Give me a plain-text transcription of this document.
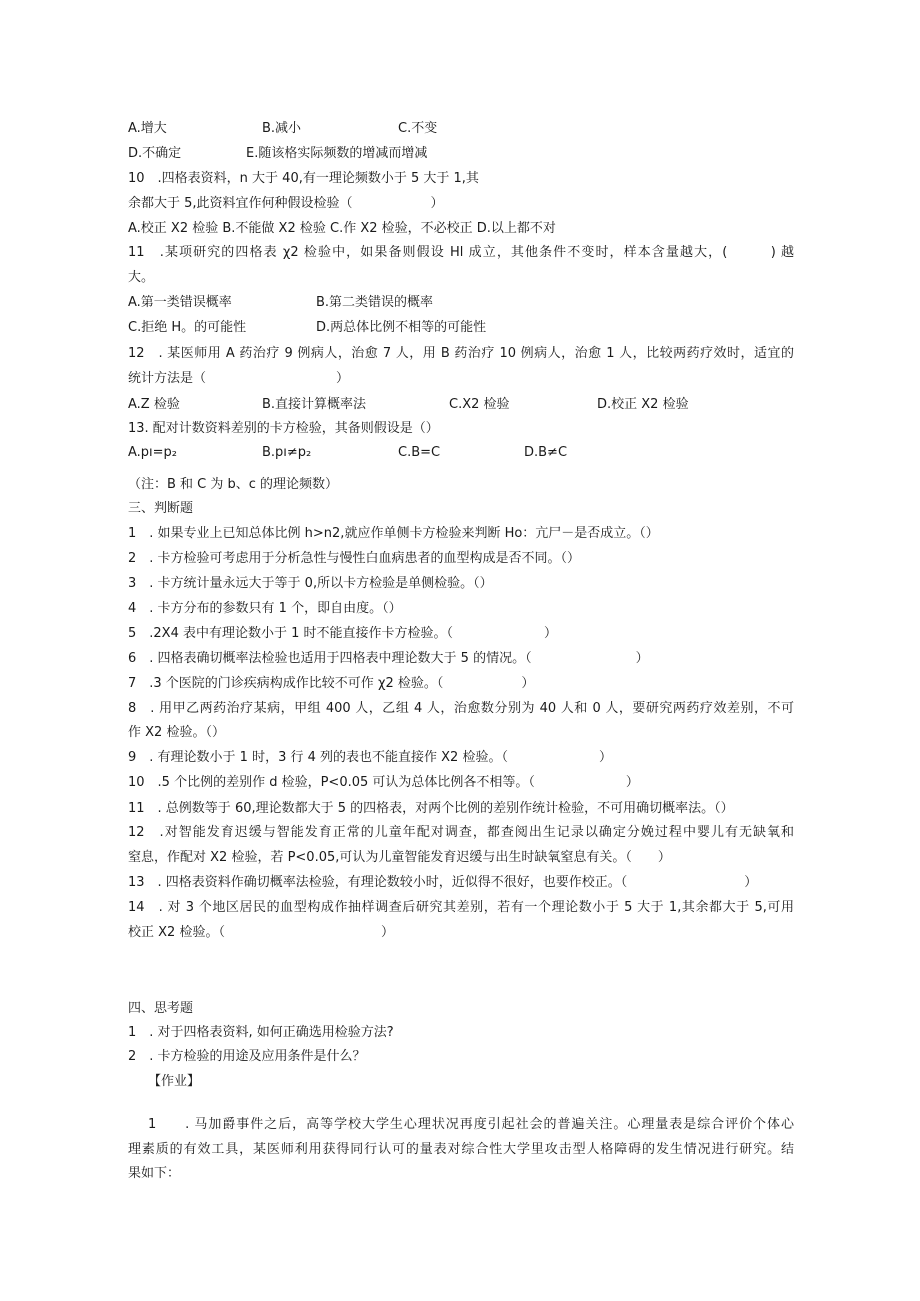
A.增大	B.减小	C.不变
D.不确定	E.随该格实际频数的增减而增减
10　.四格表资料，n 大于 40,有一理论频数小于 5 大于 1,其
余都大于 5,此资料宜作何种假设检验（　　　　　　）
A.校正 X2 检验 B.不能做 X2 检验 C.作 X2 检验，不必校正 D.以上都不对
11　.某项研究的四格表 χ2 检验中，如果备则假设 Hl 成立，其他条件不变时，样本含量越大，(　　　) 越
大。
A.第一类错误概率	B.第二类错误的概率
C.拒绝 H。的可能性	D.两总体比例不相等的可能性
12　. 某医师用 A 药治疗 9 例病人，治愈 7 人，用 B 药治疗 10 例病人，治愈 1 人，比较两药疗效时，适宜的
统计方法是（　　　　　　　　　　）
A.Z 检验	B.直接计算概率法	C.X2 检验	D.校正 X2 检验
13. 配对计数资料差别的卡方检验，其备则假设是（）
A.pı=p₂	B.pı≠p₂	C.B=C	D.B≠C
（注：B 和 C 为 b、c 的理论频数）
三、判断题
1　. 如果专业上已知总体比例 h>n2,就应作单侧卡方检验来判断 Ho：亢尸－是否成立。（）
2　. 卡方检验可考虑用于分析急性与慢性白血病患者的血型构成是否不同。（）
3　. 卡方统计量永远大于等于 0,所以卡方检验是单侧检验。（）
4　. 卡方分布的参数只有 1 个，即自由度。（）
5　.2X4 表中有理论数小于 1 时不能直接作卡方检验。（　　　　　　　）
6　. 四格表确切概率法检验也适用于四格表中理论数大于 5 的情况。（　　　　　　　　）
7　.3 个医院的门诊疾病构成作比较不可作 χ2 检验。（　　　　　　）
8　. 用甲乙两药治疗某病，甲组 400 人，乙组 4 人，治愈数分别为 40 人和 0 人，要研究两药疗效差别，不可
作 X2 检验。（）
9　. 有理论数小于 1 时，3 行 4 列的表也不能直接作 X2 检验。（　　　　　　　）
10　.5 个比例的差别作 d 检验，P<0.05 可认为总体比例各不相等。（　　　　　　　）
11　. 总例数等于 60,理论数都大于 5 的四格表，对两个比例的差别作统计检验，不可用确切概率法。（）
12　.对智能发育迟缓与智能发育正常的儿童年配对调查，都查阅出生记录以确定分娩过程中婴儿有无缺氧和
窒息，作配对 X2 检验，若 P<0.05,可认为儿童智能发育迟缓与出生时缺氧窒息有关。（　　）
13　. 四格表资料作确切概率法检验，有理论数较小时，近似得不很好，也要作校正。（　　　　　　　　　）
14　. 对 3 个地区居民的血型构成作抽样调查后研究其差别，若有一个理论数小于 5 大于 1,其余都大于 5,可用
校正 X2 检验。（　　　　　　　　　　　　）
四、思考题
1　. 对于四格表资料, 如何正确选用检验方法?
2　. 卡方检验的用途及应用条件是什么？
【作业】
1　　. 马加爵事件之后，高等学校大学生心理状况再度引起社会的普遍关注。心理量表是综合评价个体心
理素质的有效工具，某医师利用获得同行认可的量表对综合性大学里攻击型人格障碍的发生情况进行研究。结
果如下：
